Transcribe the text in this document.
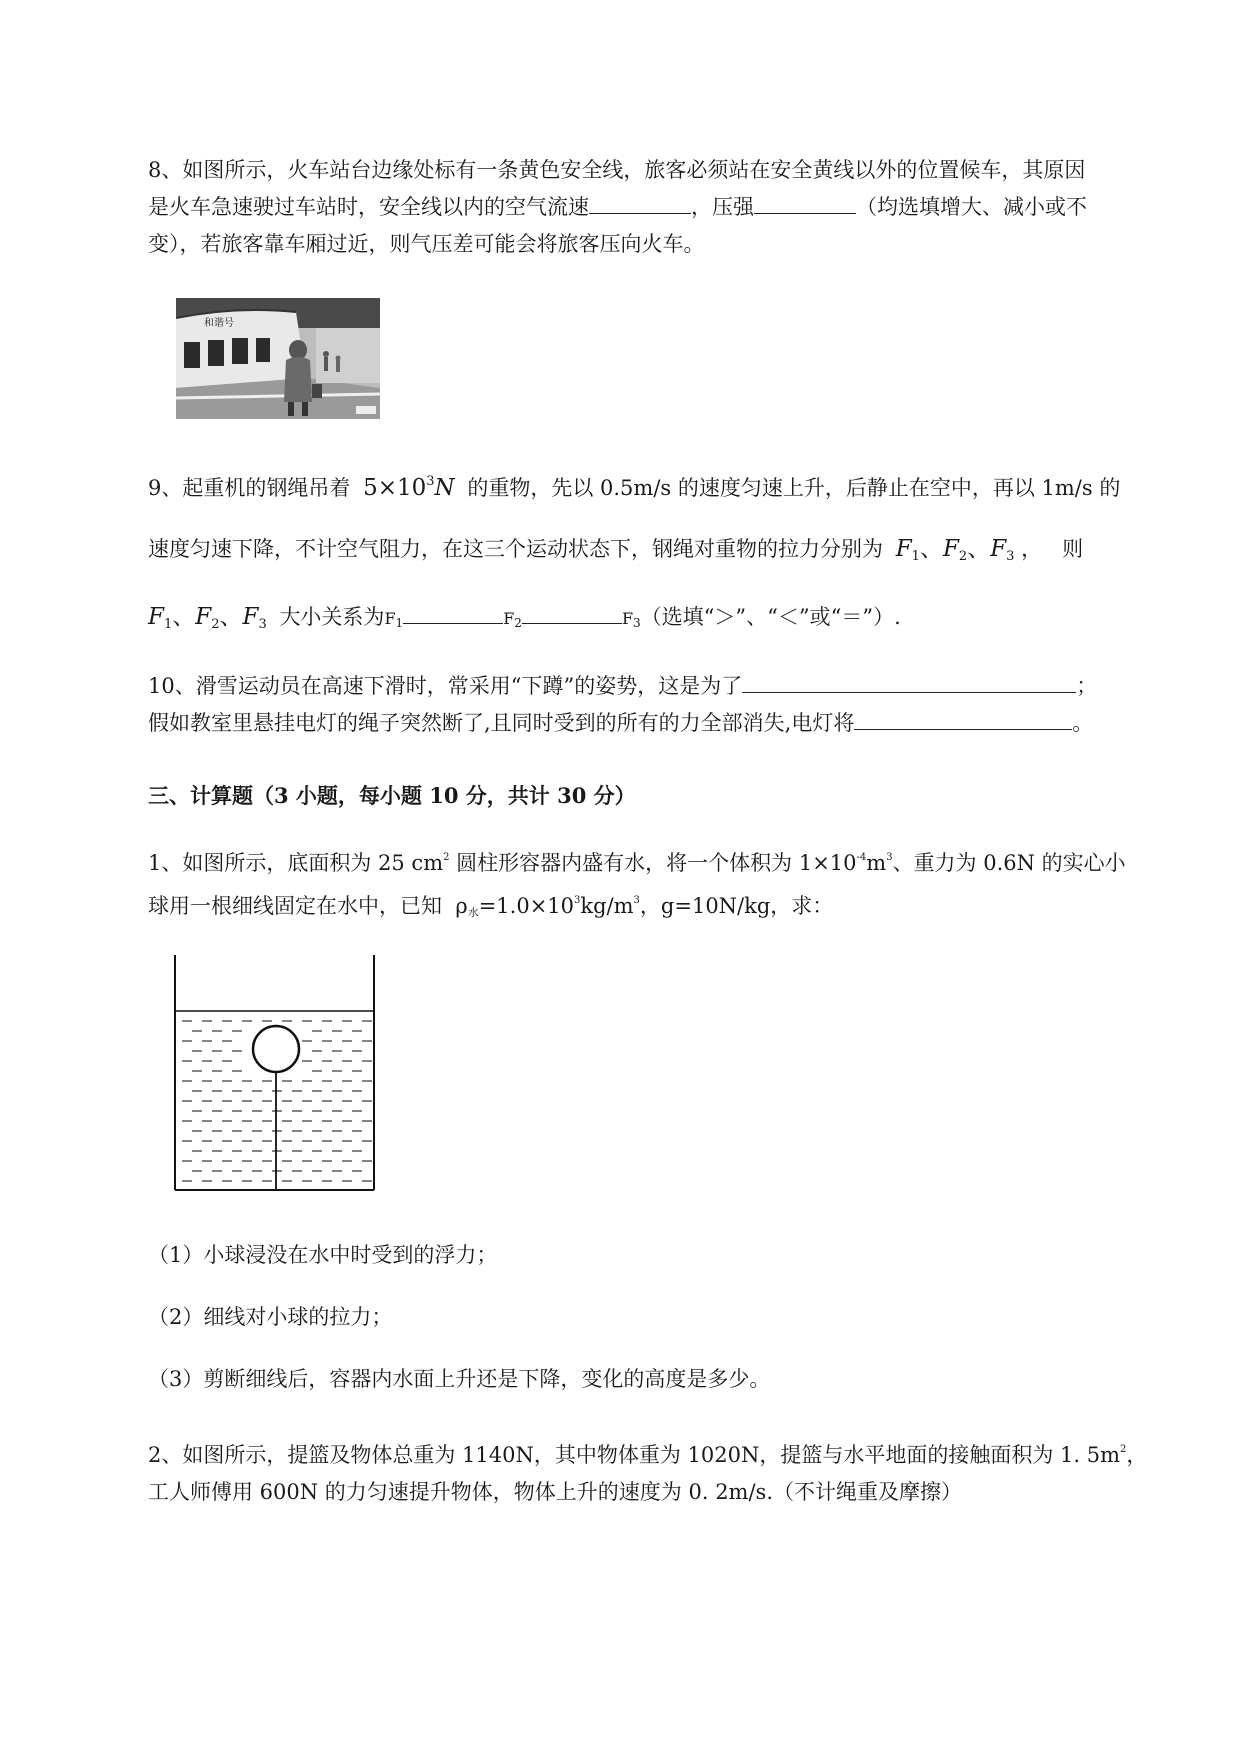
8、如图所示，火车站台边缘处标有一条黄色安全线，旅客必须站在安全黄线以外的位置候车，其原因
是火车急速驶过车站时，安全线以内的空气流速	，压强	（均选填增大、减小或不
变），若旅客靠车厢过近，则气压差可能会将旅客压向火车。
和谐号
9、起重机的钢绳吊着 $5\times 10^3N$ 的重物，先以 0.5m/s 的速度匀速上升，后静止在空中，再以 1m/s 的
速度匀速下降，不计空气阻力，在这三个运动状态下，钢绳对重物的拉力分别为 $F_1$、$F_2$、$F_3$ ，   则
$F_1$、$F_2$、$F_3$ 大小关系为F1	F2	F3（选填“＞”、“＜”或“＝”）.
10、滑雪运动员在高速下滑时，常采用“下蹲”的姿势，这是为了	；
假如教室里悬挂电灯的绳子突然断了,且同时受到的所有的力全部消失,电灯将	。
三、计算题（3 小题，每小题 10 分，共计 30 分）
1、如图所示，底面积为 25 $cm^2$ 圆柱形容器内盛有水，将一个体积为 $1\times 10^{-4}m^3$、重力为 0.6N 的实心小
球用一根细线固定在水中，已知  ρ水$=1.0\times 10^3kg/m^3$，g=10N/kg，求：
（1）小球浸没在水中时受到的浮力；
（2）细线对小球的拉力；
（3）剪断细线后，容器内水面上升还是下降，变化的高度是多少。
2、如图所示，提篮及物体总重为 1140N，其中物体重为 1020N，提篮与水平地面的接触面积为 1. $5m^2$，
工人师傅用 600N 的力匀速提升物体，物体上升的速度为 0. 2m/s.（不计绳重及摩擦）
